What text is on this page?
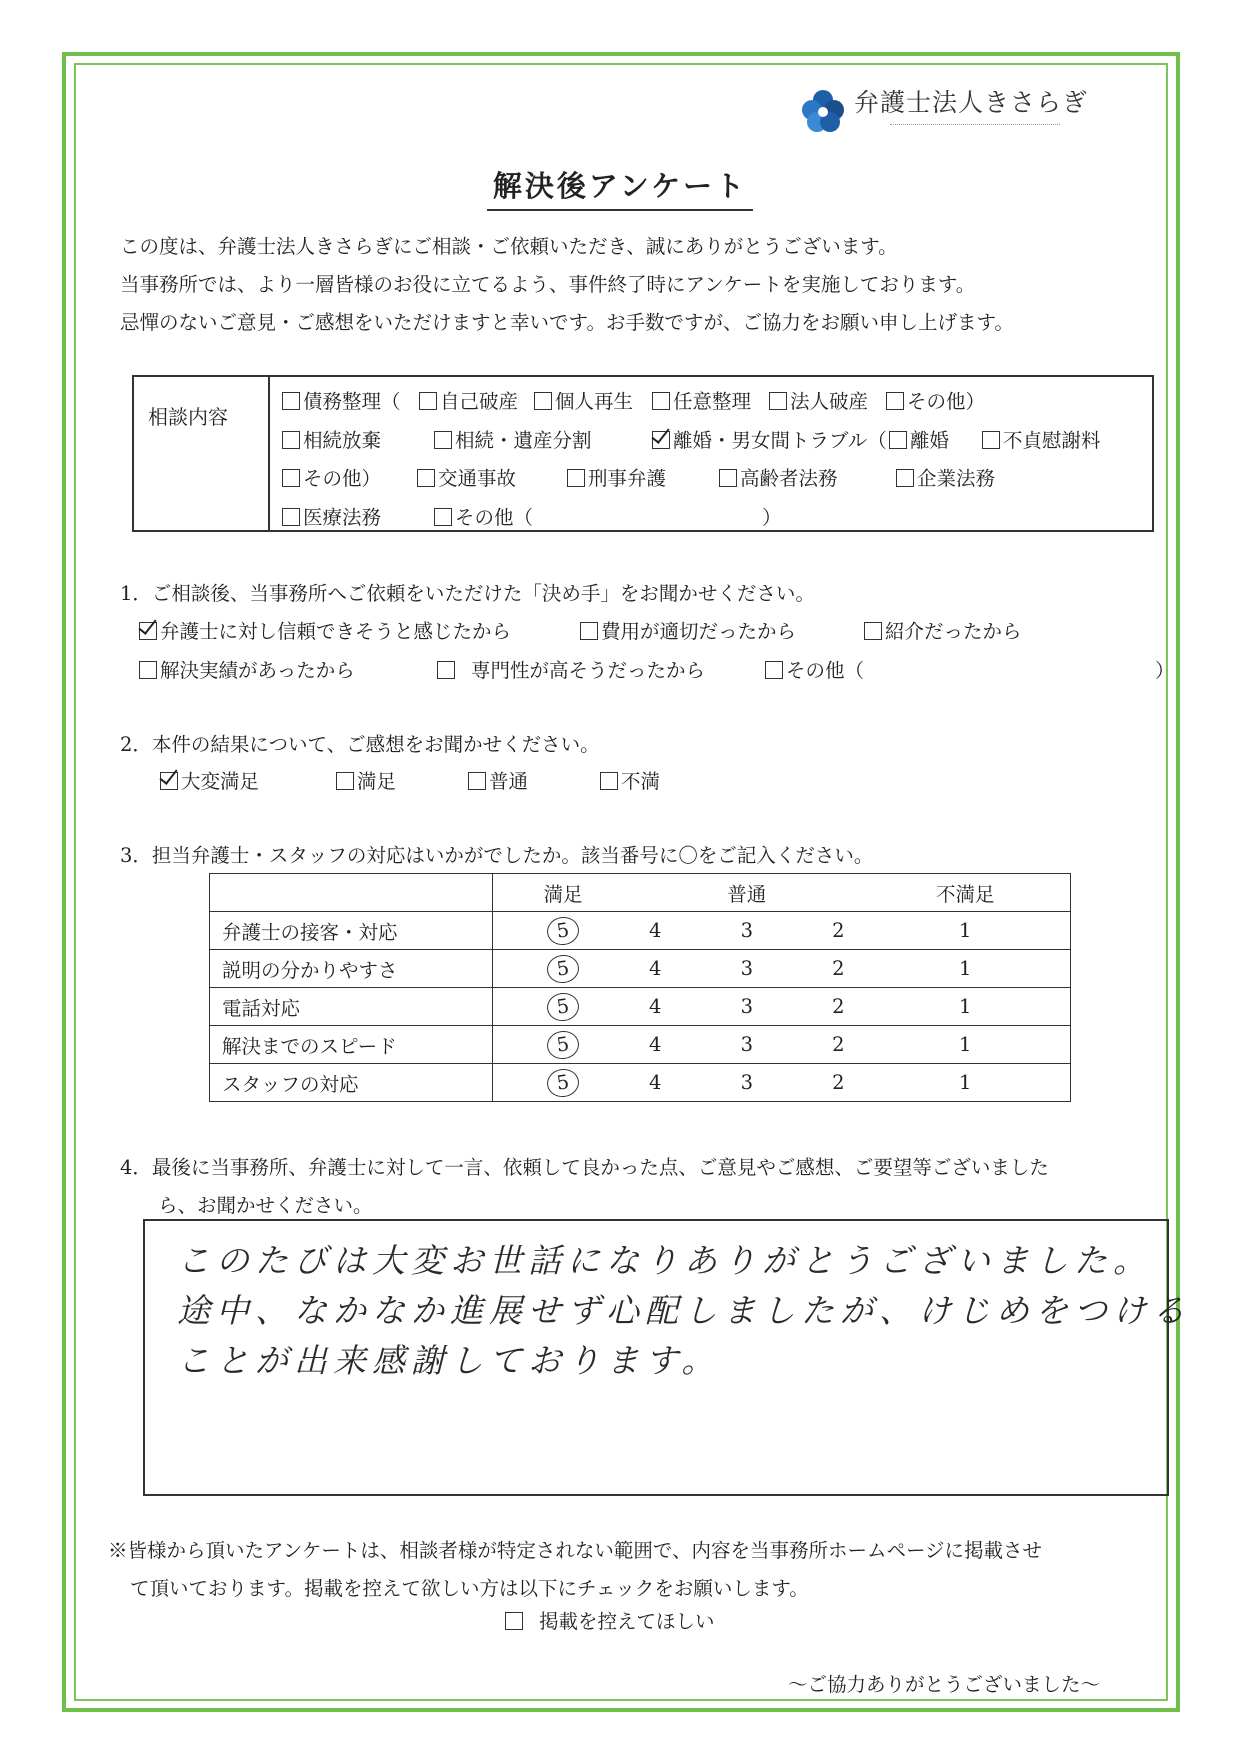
弁護士法人きさらぎ
解決後アンケート
この度は、弁護士法人きさらぎにご相談・ご依頼いただき、誠にありがとうございます。
当事務所では、より一層皆様のお役に立てるよう、事件終了時にアンケートを実施しております。
忌憚のないご意見・ご感想をいただけますと幸いです。お手数ですが、ご協力をお願い申し上げます。
相談内容
債務整理（	自己破産	個人再生	任意整理	法人破産	その他）
相続放棄	相続・遺産分割	離婚・男女間トラブル（	離婚	不貞慰謝料
その他）	交通事故	刑事弁護	高齢者法務	企業法務
医療法務	その他（	）
1．ご相談後、当事務所へご依頼をいただけた「決め手」をお聞かせください。
弁護士に対し信頼できそうと感じたから	費用が適切だったから	紹介だったから
解決実績があったから	専門性が高そうだったから	その他（	）
2．本件の結果について、ご感想をお聞かせください。
大変満足	満足	普通	不満
3．担当弁護士・スタッフの対応はいかがでしたか。該当番号に〇をご記入ください。
	満足		普通		不満足
弁護士の接客・対応	5	4	3	2	1
説明の分かりやすさ	5	4	3	2	1
電話対応	5	4	3	2	1
解決までのスピード	5	4	3	2	1
スタッフの対応	5	4	3	2	1
4．最後に当事務所、弁護士に対して一言、依頼して良かった点、ご意見やご感想、ご要望等ございました
ら、お聞かせください。
このたびは大変お世話になりありがとうございました。
途中、なかなか進展せず心配しましたが、けじめをつける
ことが出来感謝しております。
※皆様から頂いたアンケートは、相談者様が特定されない範囲で、内容を当事務所ホームページに掲載させ
て頂いております。掲載を控えて欲しい方は以下にチェックをお願いします。
掲載を控えてほしい
～ご協力ありがとうございました～
